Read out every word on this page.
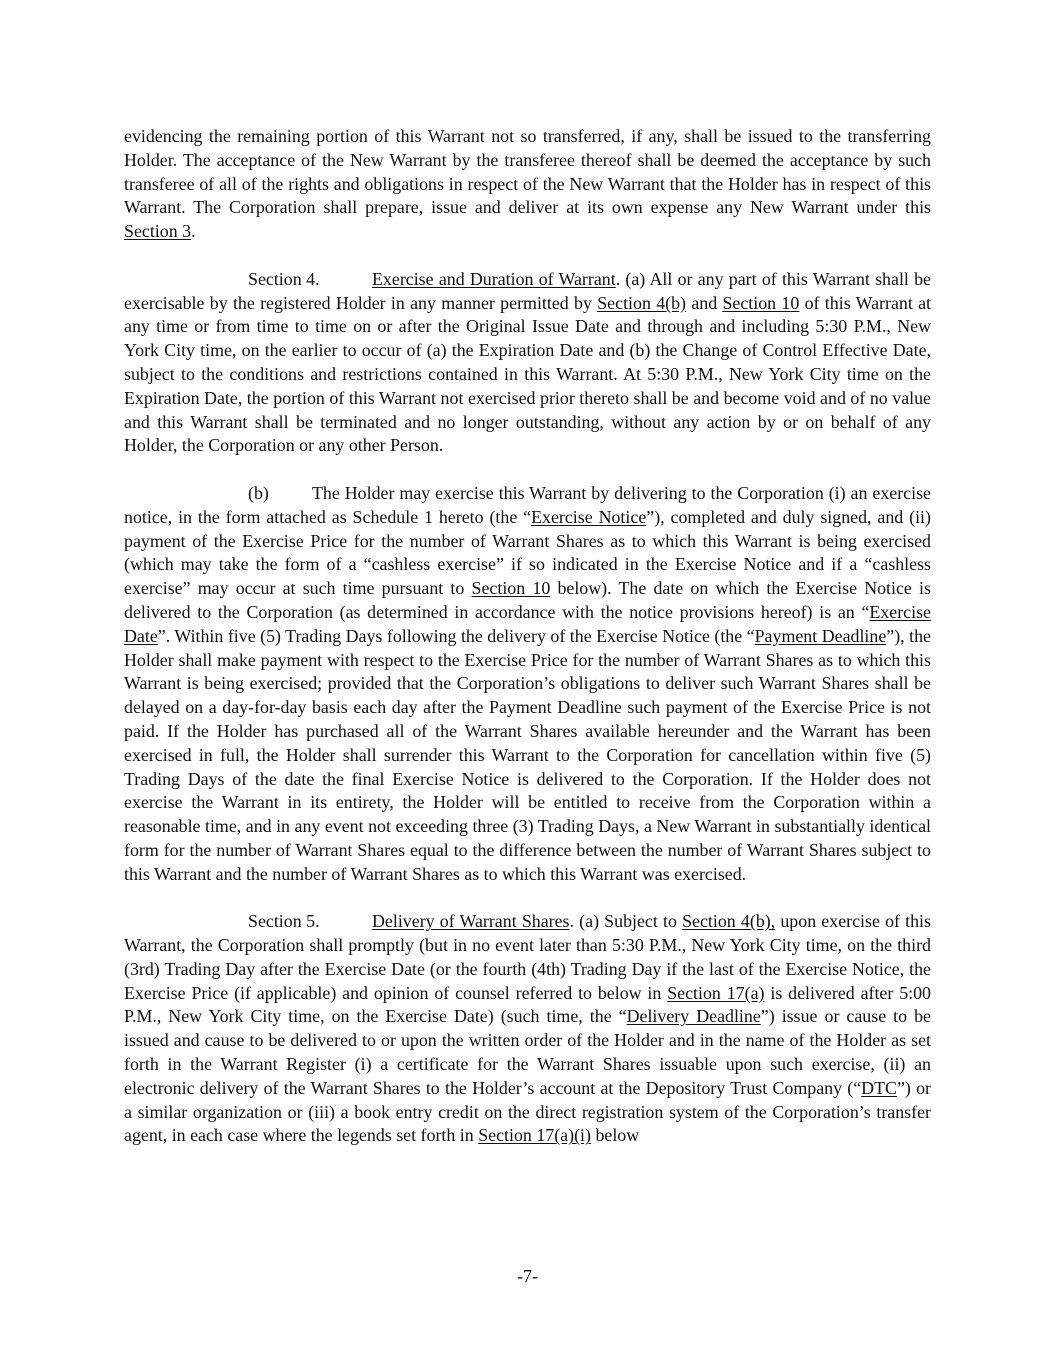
evidencing the remaining portion of this Warrant not so transferred, if any, shall be issued to the transferring Holder. The acceptance of the New Warrant by the transferee thereof shall be deemed the acceptance by such transferee of all of the rights and obligations in respect of the New Warrant that the Holder has in respect of this Warrant. The Corporation shall prepare, issue and deliver at its own expense any New Warrant under this Section 3.

Section 4.	Exercise and Duration of Warrant. (a) All or any part of this Warrant shall be exercisable by the registered Holder in any manner permitted by Section 4(b) and Section 10 of this Warrant at any time or from time to time on or after the Original Issue Date and through and including 5:30 P.M., New York City time, on the earlier to occur of (a) the Expiration Date and (b) the Change of Control Effective Date, subject to the conditions and restrictions contained in this Warrant. At 5:30 P.M., New York City time on the Expiration Date, the portion of this Warrant not exercised prior thereto shall be and become void and of no value and this Warrant shall be terminated and no longer outstanding, without any action by or on behalf of any Holder, the Corporation or any other Person.

(b) The Holder may exercise this Warrant by delivering to the Corporation (i) an exercise notice, in the form attached as Schedule 1 hereto (the “Exercise Notice”), completed and duly signed, and (ii) payment of the Exercise Price for the number of Warrant Shares as to which this Warrant is being exercised (which may take the form of a “cashless exercise” if so indicated in the Exercise Notice and if a “cashless exercise” may occur at such time pursuant to Section 10 below). The date on which the Exercise Notice is delivered to the Corporation (as determined in accordance with the notice provisions hereof) is an “Exercise Date”. Within five (5) Trading Days following the delivery of the Exercise Notice (the “Payment Deadline”), the Holder shall make payment with respect to the Exercise Price for the number of Warrant Shares as to which this Warrant is being exercised; provided that the Corporation’s obligations to deliver such Warrant Shares shall be delayed on a day-for-day basis each day after the Payment Deadline such payment of the Exercise Price is not paid. If the Holder has purchased all of the Warrant Shares available hereunder and the Warrant has been exercised in full, the Holder shall surrender this Warrant to the Corporation for cancellation within five (5) Trading Days of the date the final Exercise Notice is delivered to the Corporation. If the Holder does not exercise the Warrant in its entirety, the Holder will be entitled to receive from the Corporation within a reasonable time, and in any event not exceeding three (3) Trading Days, a New Warrant in substantially identical form for the number of Warrant Shares equal to the difference between the number of Warrant Shares subject to this Warrant and the number of Warrant Shares as to which this Warrant was exercised.

Section 5.	Delivery of Warrant Shares. (a) Subject to Section 4(b), upon exercise of this Warrant, the Corporation shall promptly (but in no event later than 5:30 P.M., New York City time, on the third (3rd) Trading Day after the Exercise Date (or the fourth (4th) Trading Day if the last of the Exercise Notice, the Exercise Price (if applicable) and opinion of counsel referred to below in Section 17(a) is delivered after 5:00 P.M., New York City time, on the Exercise Date) (such time, the “Delivery Deadline”) issue or cause to be issued and cause to be delivered to or upon the written order of the Holder and in the name of the Holder as set forth in the Warrant Register (i) a certificate for the Warrant Shares issuable upon such exercise, (ii) an electronic delivery of the Warrant Shares to the Holder’s account at the Depository Trust Company (“DTC”) or a similar organization or (iii) a book entry credit on the direct registration system of the Corporation’s transfer agent, in each case where the legends set forth in Section 17(a)(i) below

-7-
